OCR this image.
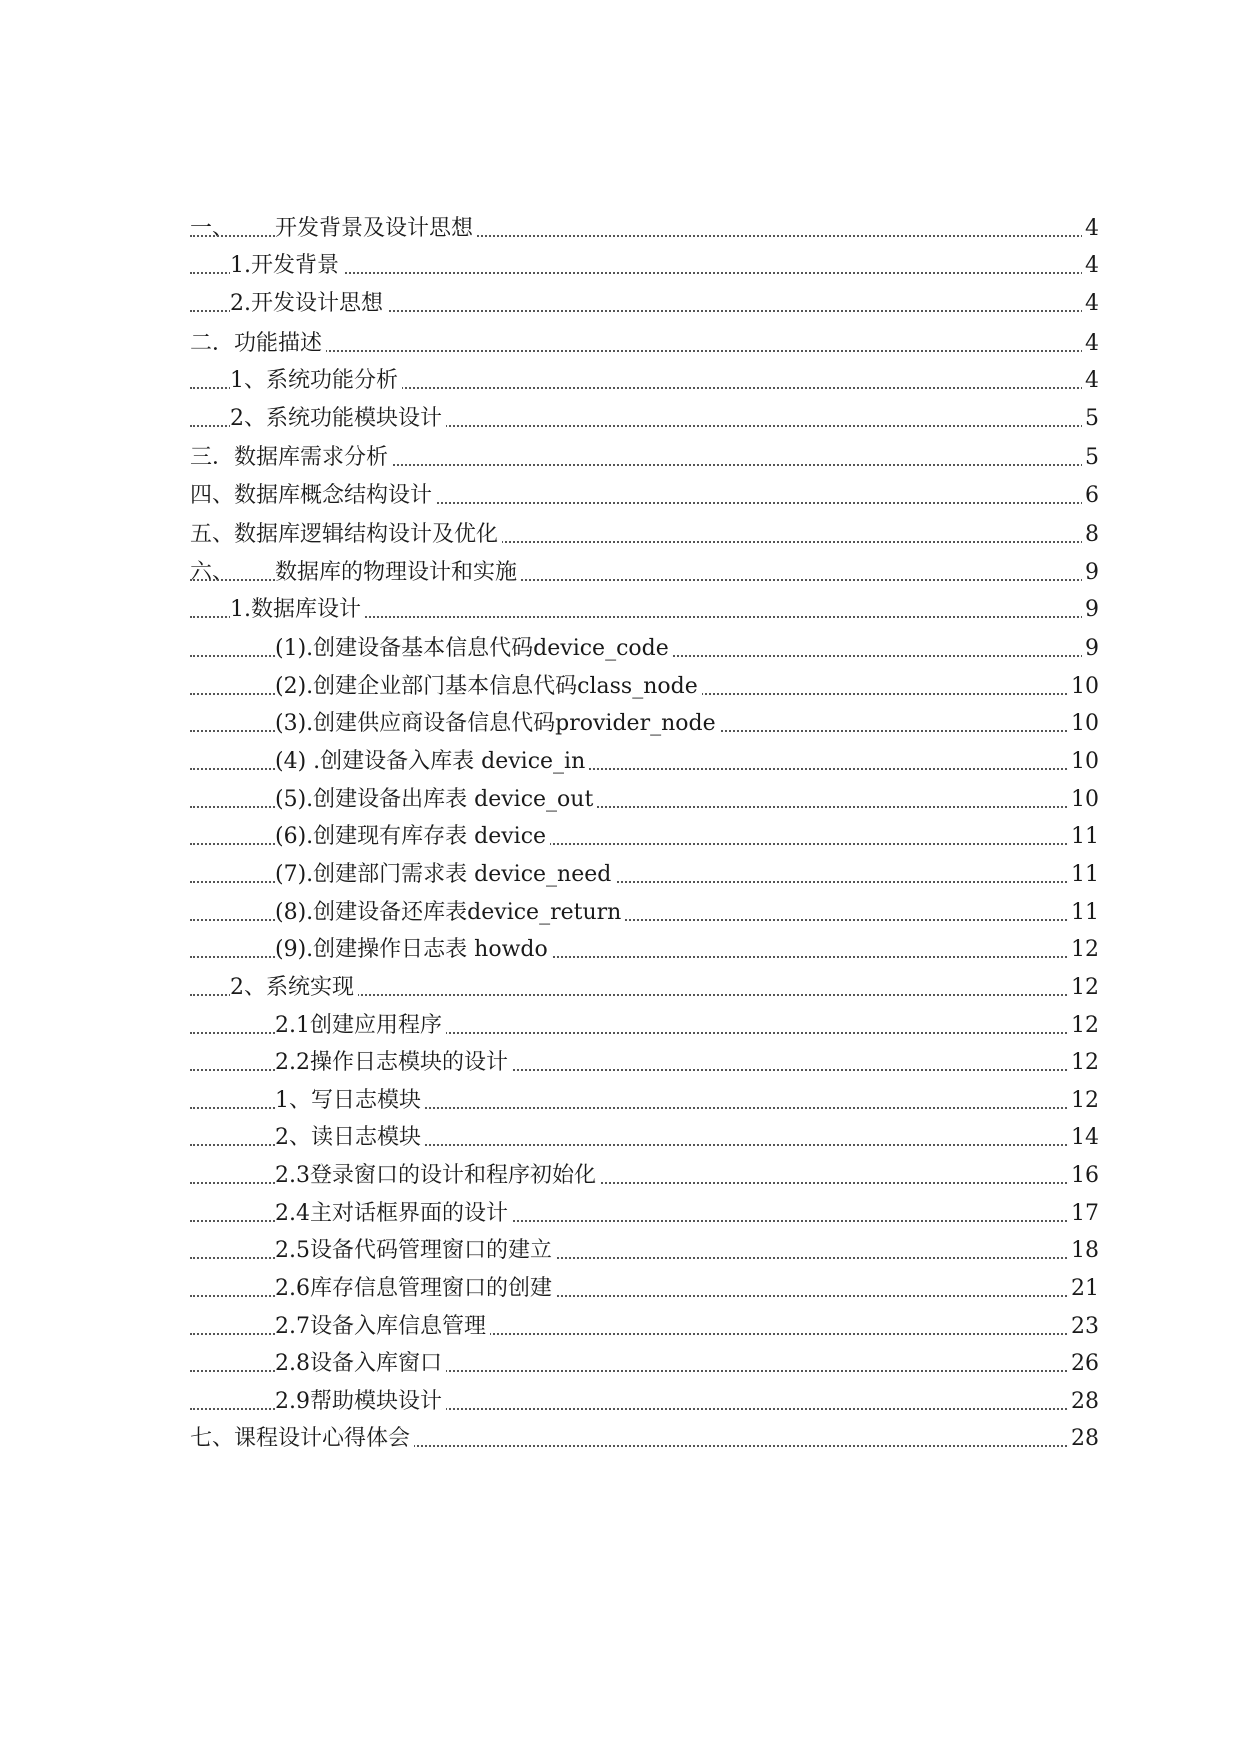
一、 开发背景及设计思想	4
1.开发背景	4
2.开发设计思想	4
二．功能描述	4
1、系统功能分析	4
2、系统功能模块设计	5
三．数据库需求分析	5
四、数据库概念结构设计	6
五、数据库逻辑结构设计及优化	8
六、 数据库的物理设计和实施	9
1.数据库设计	9
(1).创建设备基本信息代码device_code	9
(2).创建企业部门基本信息代码class_node	10
(3).创建供应商设备信息代码provider_node	10
(4) .创建设备入库表 device_in	10
(5).创建设备出库表 device_out	10
(6).创建现有库存表 device	11
(7).创建部门需求表 device_need	11
(8).创建设备还库表device_return	11
(9).创建操作日志表 howdo	12
2、系统实现	12
2.1创建应用程序	12
2.2操作日志模块的设计	12
1、写日志模块	12
2、读日志模块	14
2.3登录窗口的设计和程序初始化	16
2.4主对话框界面的设计	17
2.5设备代码管理窗口的建立	18
2.6库存信息管理窗口的创建	21
2.7设备入库信息管理	23
2.8设备入库窗口	26
2.9帮助模块设计	28
七、课程设计心得体会	28
